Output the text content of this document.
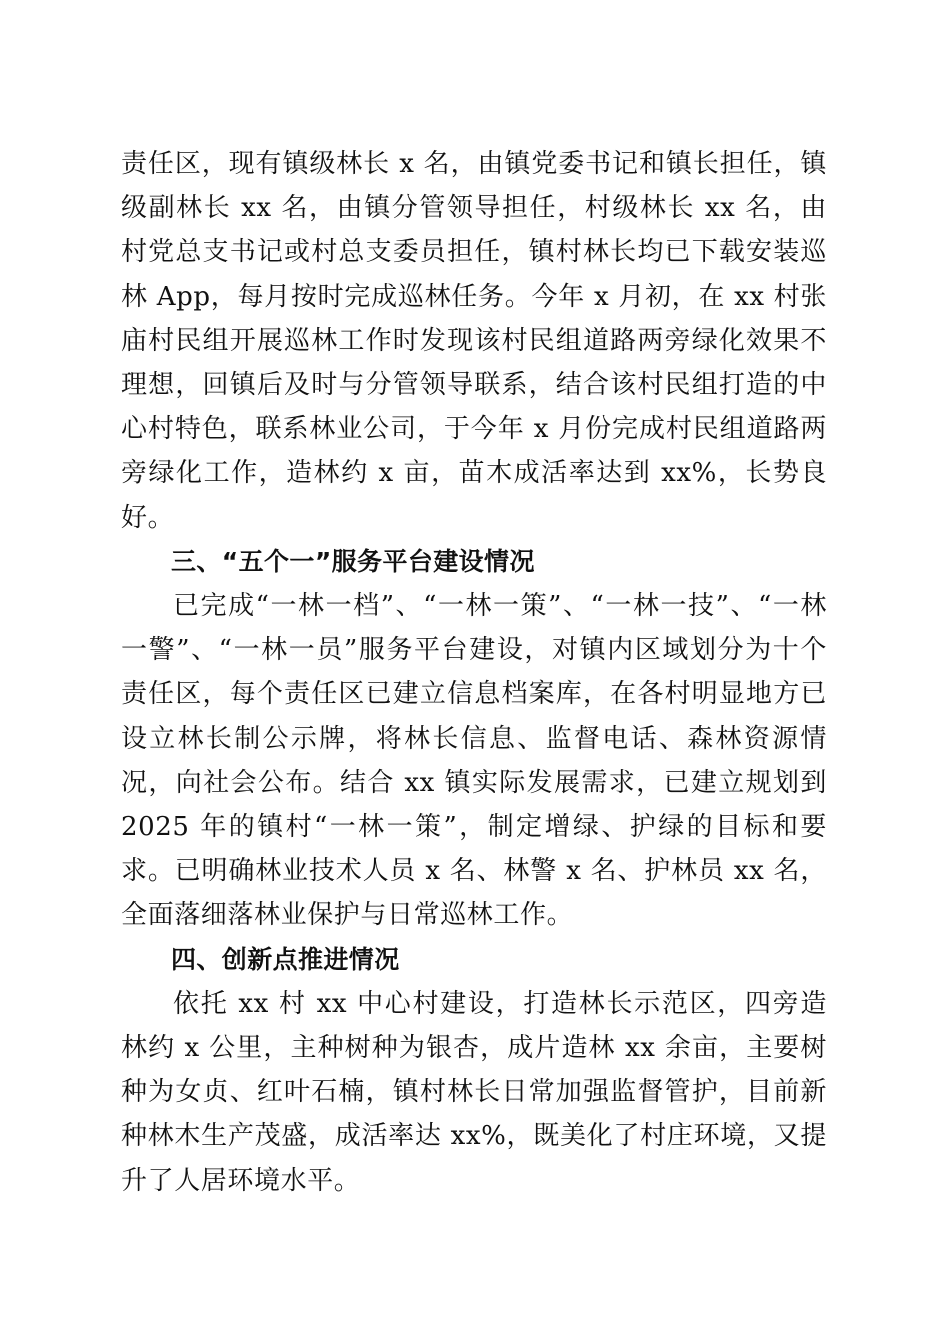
责任区，现有镇级林长 x 名，由镇党委书记和镇长担任，镇级副林长 xx 名，由镇分管领导担任，村级林长 xx 名，由村党总支书记或村总支委员担任，镇村林长均已下载安装巡林 App，每月按时完成巡林任务。今年 x 月初，在 xx 村张庙村民组开展巡林工作时发现该村民组道路两旁绿化效果不理想，回镇后及时与分管领导联系，结合该村民组打造的中心村特色，联系林业公司，于今年 x 月份完成村民组道路两旁绿化工作，造林约 x 亩，苗木成活率达到 xx%，长势良好。

三、“五个一”服务平台建设情况

已完成“一林一档”、“一林一策”、“一林一技”、“一林一警”、“一林一员”服务平台建设，对镇内区域划分为十个责任区，每个责任区已建立信息档案库，在各村明显地方已设立林长制公示牌，将林长信息、监督电话、森林资源情况，向社会公布。结合 xx 镇实际发展需求，已建立规划到 2025 年的镇村“一林一策”，制定增绿、护绿的目标和要求。已明确林业技术人员 x 名、林警 x 名、护林员 xx 名，全面落细落林业保护与日常巡林工作。

四、创新点推进情况

依托 xx 村 xx 中心村建设，打造林长示范区，四旁造林约 x 公里，主种树种为银杏，成片造林 xx 余亩，主要树种为女贞、红叶石楠，镇村林长日常加强监督管护，目前新种林木生产茂盛，成活率达 xx%，既美化了村庄环境，又提升了人居环境水平。
